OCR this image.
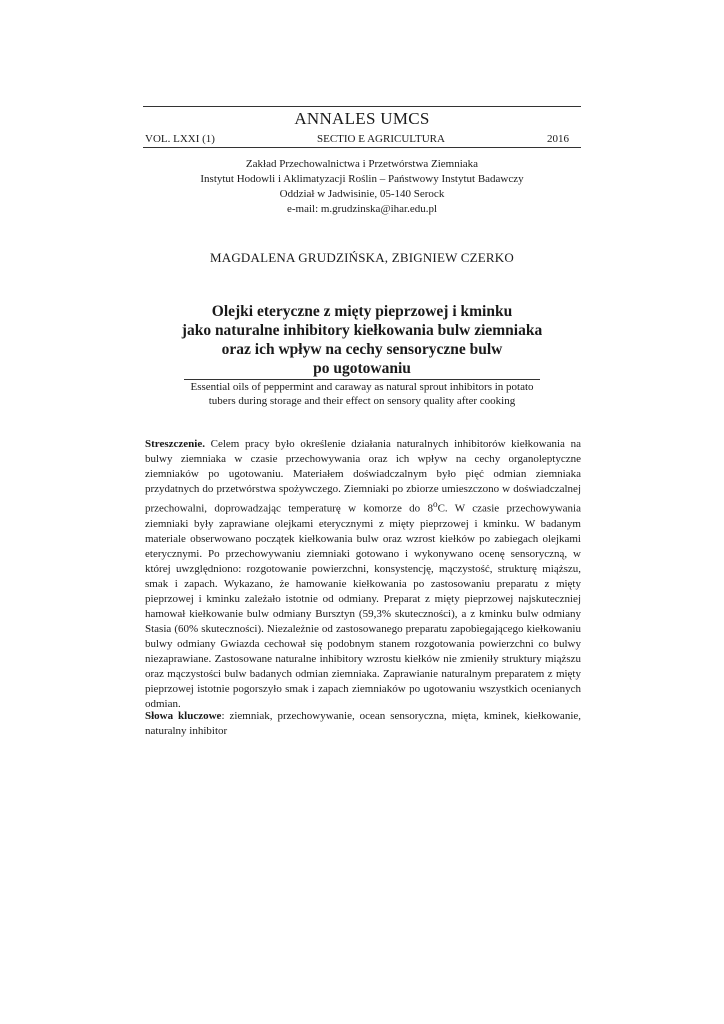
ANNALES UMCS
VOL. LXXI (1)	SECTIO E AGRICULTURA	2016
Zakład Przechowalnictwa i Przetwórstwa Ziemniaka
Instytut Hodowli i Aklimatyzacji Roślin – Państwowy Instytut Badawczy
Oddział w Jadwisinie, 05-140 Serock
e-mail: m.grudzinska@ihar.edu.pl
MAGDALENA GRUDZIŃSKA, ZBIGNIEW CZERKO
Olejki eteryczne z mięty pieprzowej i kminku
jako naturalne inhibitory kiełkowania bulw ziemniaka
oraz ich wpływ na cechy sensoryczne bulw
po ugotowaniu
Essential oils of peppermint and caraway as natural sprout inhibitors in potato
tubers during storage and their effect on sensory quality after cooking

Streszczenie. Celem pracy było określenie działania naturalnych inhibitorów kiełkowania na bulwy ziemniaka w czasie przechowywania oraz ich wpływ na cechy organoleptyczne ziemniaków po ugotowaniu. Materiałem doświadczalnym było pięć odmian ziemniaka przydatnych do przetwórstwa spożywczego. Ziemniaki po zbiorze umieszczono w doświadczalnej przechowalni, doprowadzając temperaturę w komorze do 8$^o$C. W czasie przechowywania ziemniaki były zaprawiane olejkami eterycznymi z mięty pieprzowej i kminku. W badanym materiale obserwowano początek kiełkowania bulw oraz wzrost kiełków po zabiegach olejkami eterycznymi. Po przechowywaniu ziemniaki gotowano i wykonywano ocenę sensoryczną, w której uwzględniono: rozgotowanie powierzchni, konsystencję, mączystość, strukturę miąższu, smak i zapach. Wykazano, że hamowanie kiełkowania po zastosowaniu preparatu z mięty pieprzowej i kminku zależało istotnie od odmiany. Preparat z mięty pieprzowej najskuteczniej hamował kiełkowanie bulw odmiany Bursztyn (59,3% skuteczności), a z kminku bulw odmiany Stasia (60% skuteczności). Niezależnie od zastosowanego preparatu zapobiegającego kiełkowaniu bulwy odmiany Gwiazda cechował się podobnym stanem rozgotowania powierzchni co bulwy niezaprawiane. Zastosowane naturalne inhibitory wzrostu kiełków nie zmieniły struktury miąższu oraz mączystości bulw badanych odmian ziemniaka. Zaprawianie naturalnym preparatem z mięty pieprzowej istotnie pogorszyło smak i zapach ziemniaków po ugotowaniu wszystkich ocenianych odmian.

Słowa kluczowe: ziemniak, przechowywanie, ocean sensoryczna, mięta, kminek, kiełkowanie, naturalny inhibitor
